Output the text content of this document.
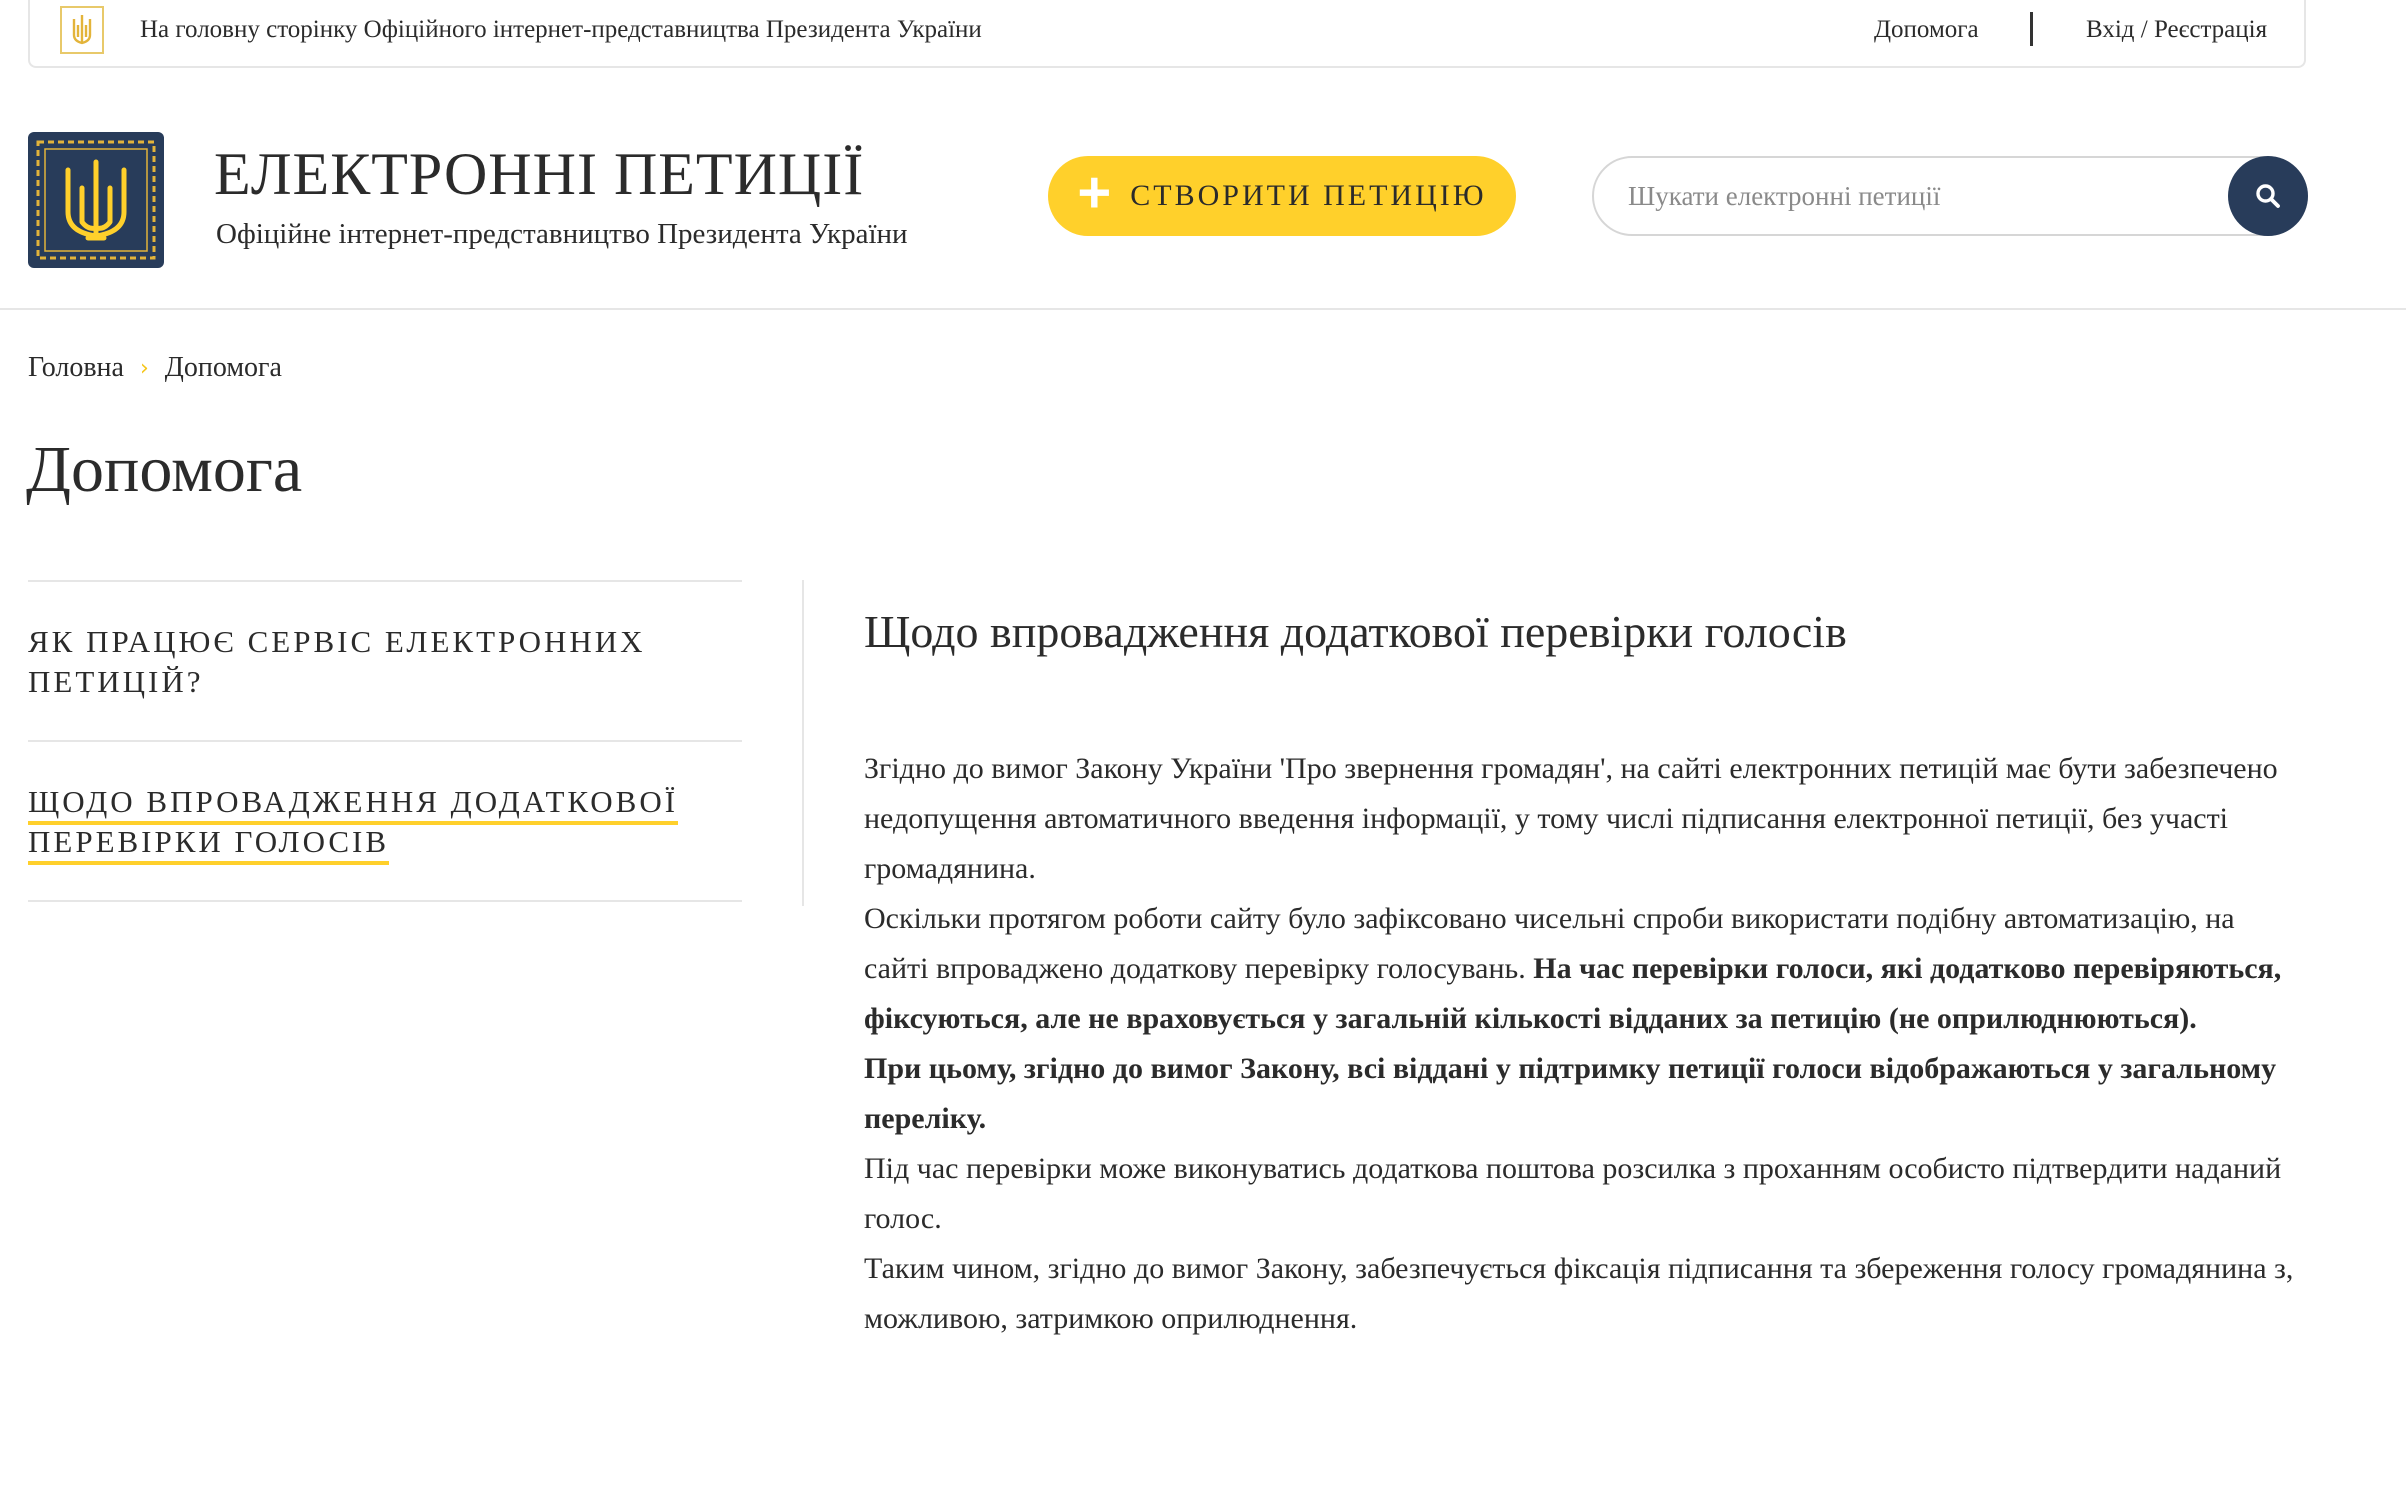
На головну сторінку Офіційного інтернет-представництва Президента України	Допомога	Вхід / Реєстрація
ЕЛЕКТРОННІ ПЕТИЦІЇ
Офіційне інтернет-представництво Президента України
+ СТВОРИТИ ПЕТИЦІЮ
Шукати електронні петиції
Головна › Допомога
Допомога
ЯК ПРАЦЮЄ СЕРВІС ЕЛЕКТРОННИХ ПЕТИЦІЙ?
ЩОДО ВПРОВАДЖЕННЯ ДОДАТКОВОЇ ПЕРЕВІРКИ ГОЛОСІВ
Щодо впровадження додаткової перевірки голосів

Згідно до вимог Закону України 'Про звернення громадян', на сайті електронних петицій має бути забезпечено недопущення автоматичного введення інформації, у тому числі підписання електронної петиції, без участі громадянина.

Оскільки протягом роботи сайту було зафіксовано чисельні спроби використати подібну автоматизацію, на сайті впроваджено додаткову перевірку голосувань. На час перевірки голоси, які додатково перевіряються, фіксуються, але не враховується у загальній кількості відданих за петицію (не оприлюднюються).

При цьому, згідно до вимог Закону, всі віддані у підтримку петиції голоси відображаються у загальному переліку.

Під час перевірки може виконуватись додаткова поштова розсилка з проханням особисто підтвердити наданий голос.

Таким чином, згідно до вимог Закону, забезпечується фіксація підписання та збереження голосу громадянина з, можливою, затримкою оприлюднення.
